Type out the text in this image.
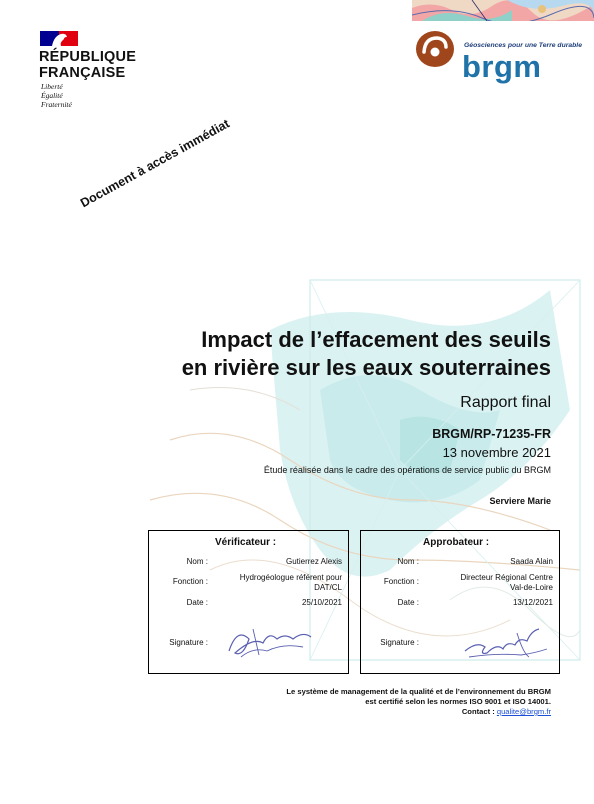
RÉPUBLIQUE
FRANÇAISE
Liberté
Égalité
Fraternité
Géosciences pour une Terre durable
brgm
Document à accès immédiat
Impact de l’effacement des seuils
en rivière sur les eaux souterraines
Rapport final
BRGM/RP-71235-FR
13 novembre 2021
Étude réalisée dans le cadre des opérations de service public du BRGM
Serviere Marie
Vérificateur :
Nom :	Gutierrez Alexis
Fonction :	Hydrogéologue référent pour
DAT/CL
Date :	25/10/2021
Signature :
Approbateur :
Nom :	Saada Alain
Fonction :	Directeur Régional Centre
Val-de-Loire
Date :	13/12/2021
Signature :
Le système de management de la qualité et de l’environnement du BRGM
est certifié selon les normes ISO 9001 et ISO 14001.
Contact : qualite@brgm.fr
